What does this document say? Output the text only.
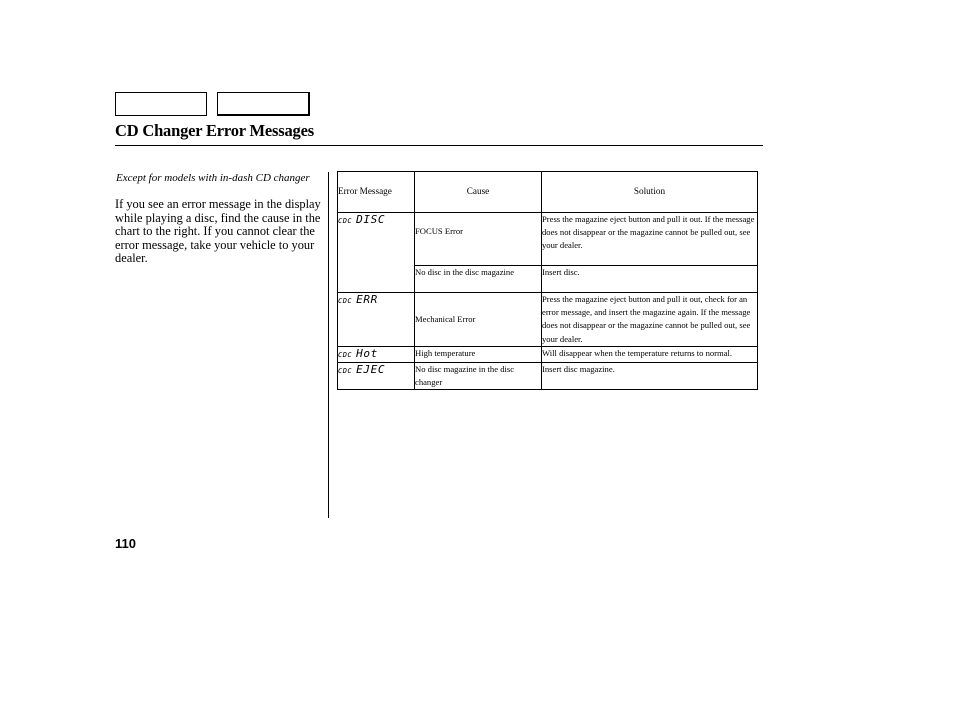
CD Changer Error Messages
Except for models with in-dash CD changer
If you see an error message in the display while playing a disc, find the cause in the chart to the right. If you cannot clear the error message, take your vehicle to your dealer.
Error Message	Cause	Solution

CDC DISC	FOCUS Error	Press the magazine eject button and pull it out. If the message does not disappear or the magazine cannot be pulled out, see your dealer.
	No disc in the disc magazine	Insert disc.

CDC ERR	Mechanical Error	Press the magazine eject button and pull it out, check for an error message, and insert the magazine again. If the message does not disappear or the magazine cannot be pulled out, see your dealer.

CDC Hot	High temperature	Will disappear when the temperature returns to normal.

CDC EJEC	No disc magazine in the disc changer	Insert disc magazine.
110
